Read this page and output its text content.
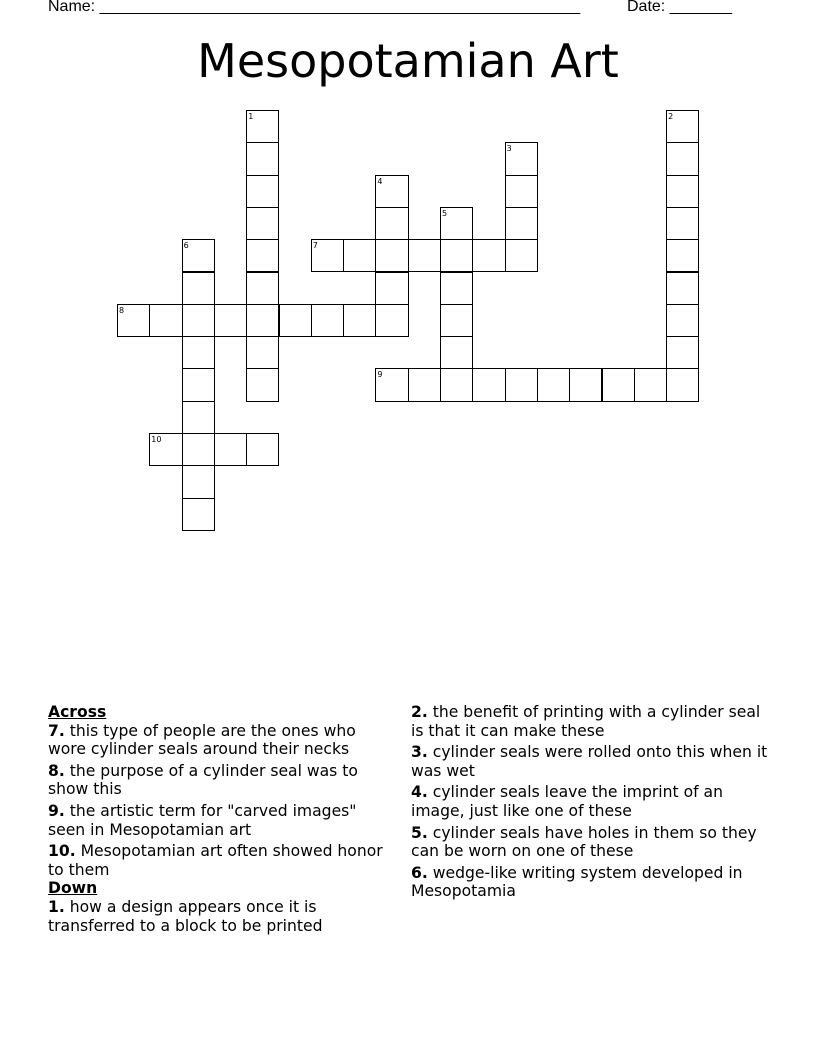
Name: ______________________________________________________	Date: _______
Mesopotamian Art
1	2
3
4
5
6	7
8
9
10
Across
7. this type of people are the ones who wore cylinder seals around their necks
8. the purpose of a cylinder seal was to show this
9. the artistic term for "carved images" seen in Mesopotamian art
10. Mesopotamian art often showed honor to them
Down
1. how a design appears once it is transferred to a block to be printed
2. the benefit of printing with a cylinder seal is that it can make these
3. cylinder seals were rolled onto this when it was wet
4. cylinder seals leave the imprint of an image, just like one of these
5. cylinder seals have holes in them so they can be worn on one of these
6. wedge-like writing system developed in Mesopotamia
